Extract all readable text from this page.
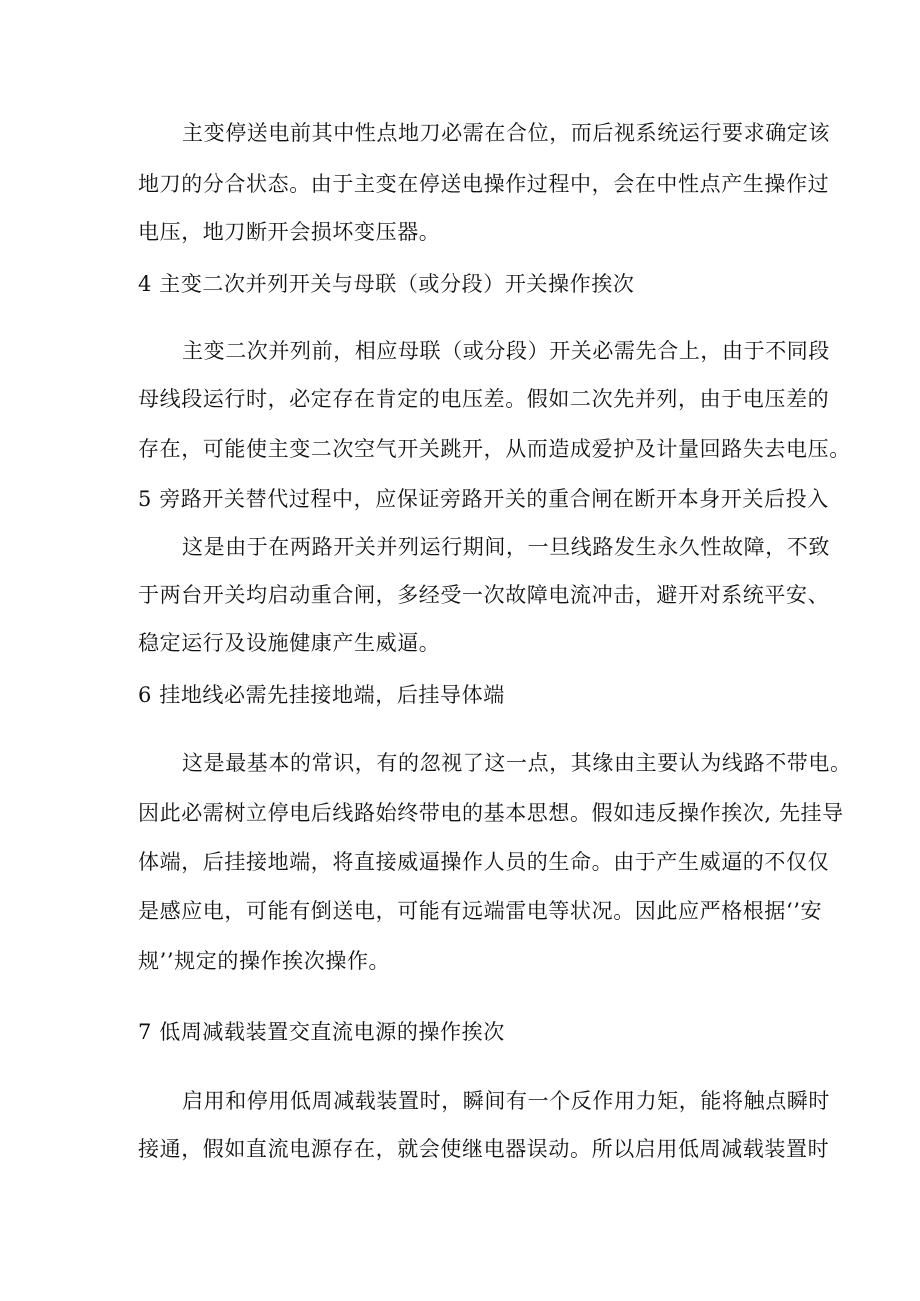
主变停送电前其中性点地刀必需在合位，而后视系统运行要求确定该
地刀的分合状态。由于主变在停送电操作过程中，会在中性点产生操作过
电压，地刀断开会损坏变压器。
4 主变二次并列开关与母联（或分段）开关操作挨次
主变二次并列前，相应母联（或分段）开关必需先合上，由于不同段
母线段运行时，必定存在肯定的电压差。假如二次先并列，由于电压差的
存在，可能使主变二次空气开关跳开，从而造成爱护及计量回路失去电压。
5 旁路开关替代过程中，应保证旁路开关的重合闸在断开本身开关后投入
这是由于在两路开关并列运行期间，一旦线路发生永久性故障，不致
于两台开关均启动重合闸，多经受一次故障电流冲击，避开对系统平安、
稳定运行及设施健康产生威逼。
6 挂地线必需先挂接地端，后挂导体端
这是最基本的常识，有的忽视了这一点，其缘由主要认为线路不带电。
因此必需树立停电后线路始终带电的基本思想。假如违反操作挨次, 先挂导
体端，后挂接地端，将直接威逼操作人员的生命。由于产生威逼的不仅仅
是感应电，可能有倒送电，可能有远端雷电等状况。因此应严格根据‘’安
规’’规定的操作挨次操作。
7 低周减载装置交直流电源的操作挨次
启用和停用低周减载装置时，瞬间有一个反作用力矩，能将触点瞬时
接通，假如直流电源存在，就会使继电器误动。所以启用低周减载装置时
